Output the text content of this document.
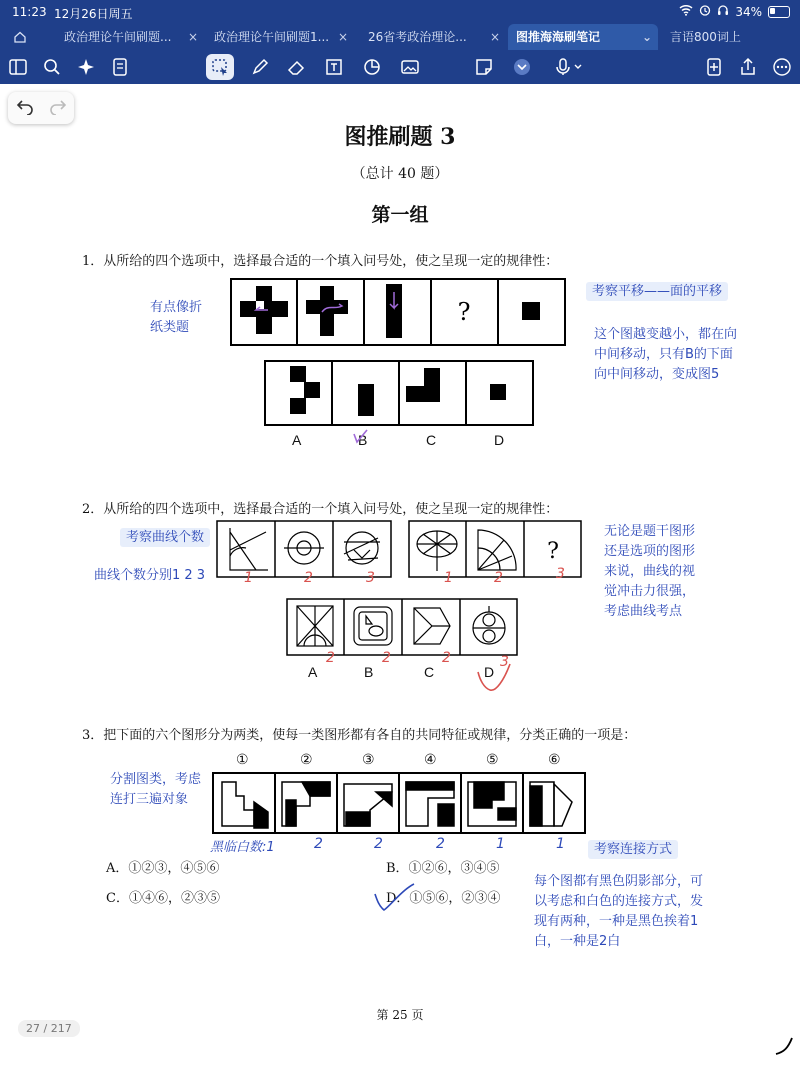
11:23 12月26日周五	34%
政治理论午间刷题... × 政治理论午间刷题1... × 26省考政治理论... ×	图推海海刷笔记	⌄ 言语800词上
图推刷题 3
（总计 40 题）
第一组
1．从所给的四个选项中，选择最合适的一个填入问号处，使之呈现一定的规律性：
有点像折
纸类题
?
A	B	C	D
考察平移——面的平移
这个图越变越小，都在向
中间移动，只有B的下面
向中间移动，变成图5
2．从所给的四个选项中，选择最合适的一个填入问号处，使之呈现一定的规律性：
考察曲线个数
曲线个数分别1 2 3
?
1	2	3	1	2	3
A	B	C	D
2	2	2	3
无论是题干图形
还是选项的图形
来说，曲线的视
觉冲击力很强，
考虑曲线考点
3．把下面的六个图形分为两类，使每一类图形都有各自的共同特征或规律，分类正确的一项是：
分割图类，考虑
连打三遍对象
①	②	③	④	⑤	⑥
黑临白数:1	2	2	2	1	1
A．①②③，④⑤⑥	B．①②⑥，③④⑤
C．①④⑥，②③⑤	D．①⑤⑥，②③④
考察连接方式
每个图都有黑色阴影部分，可
以考虑和白色的连接方式，发
现有两种，一种是黑色挨着1
白，一种是2白
第 25 页
27 / 217
